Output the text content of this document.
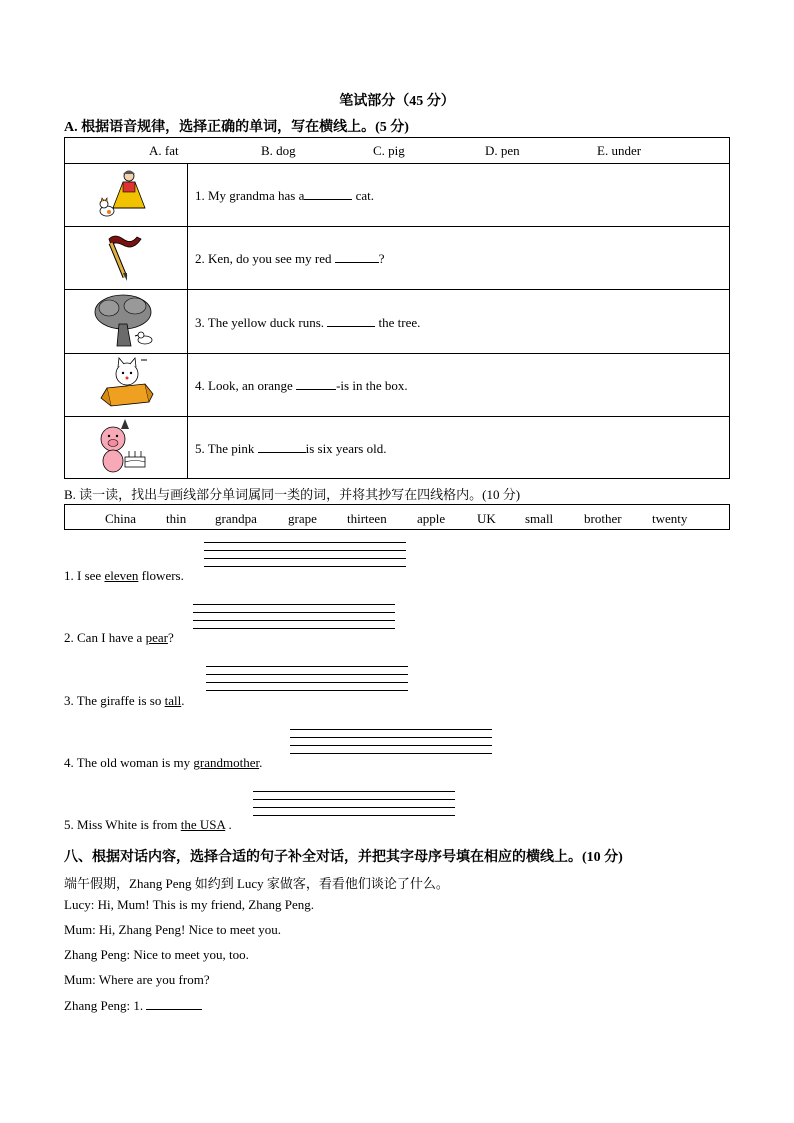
笔试部分（45 分）
A. 根据语音规律，选择正确的单词，写在横线上。(5 分)
A. fat	B. dog	C. pig	D. pen	E. under
1. My grandma has a	cat.
2. Ken, do you see my red	?
3. The yellow duck runs.	the tree.
4. Look, an orange	-is in the box.
5. The pink	is six years old.
B. 读一读，找出与画线部分单词属同一类的词，并将其抄写在四线格内。(10 分)
China thin grandpa grape thirteen apple UK small brother twenty
1. I see eleven flowers.
2. Can I have a pear?
3. The giraffe is so tall.
4. The old woman is my grandmother.
5. Miss White is from the USA .
八、根据对话内容，选择合适的句子补全对话，并把其字母序号填在相应的横线上。(10 分)
端午假期，Zhang Peng 如约到 Lucy 家做客，看看他们谈论了什么。
Lucy: Hi, Mum! This is my friend, Zhang Peng.
Mum: Hi, Zhang Peng! Nice to meet you.
Zhang Peng: Nice to meet you, too.
Mum: Where are you from?
Zhang Peng: 1.
